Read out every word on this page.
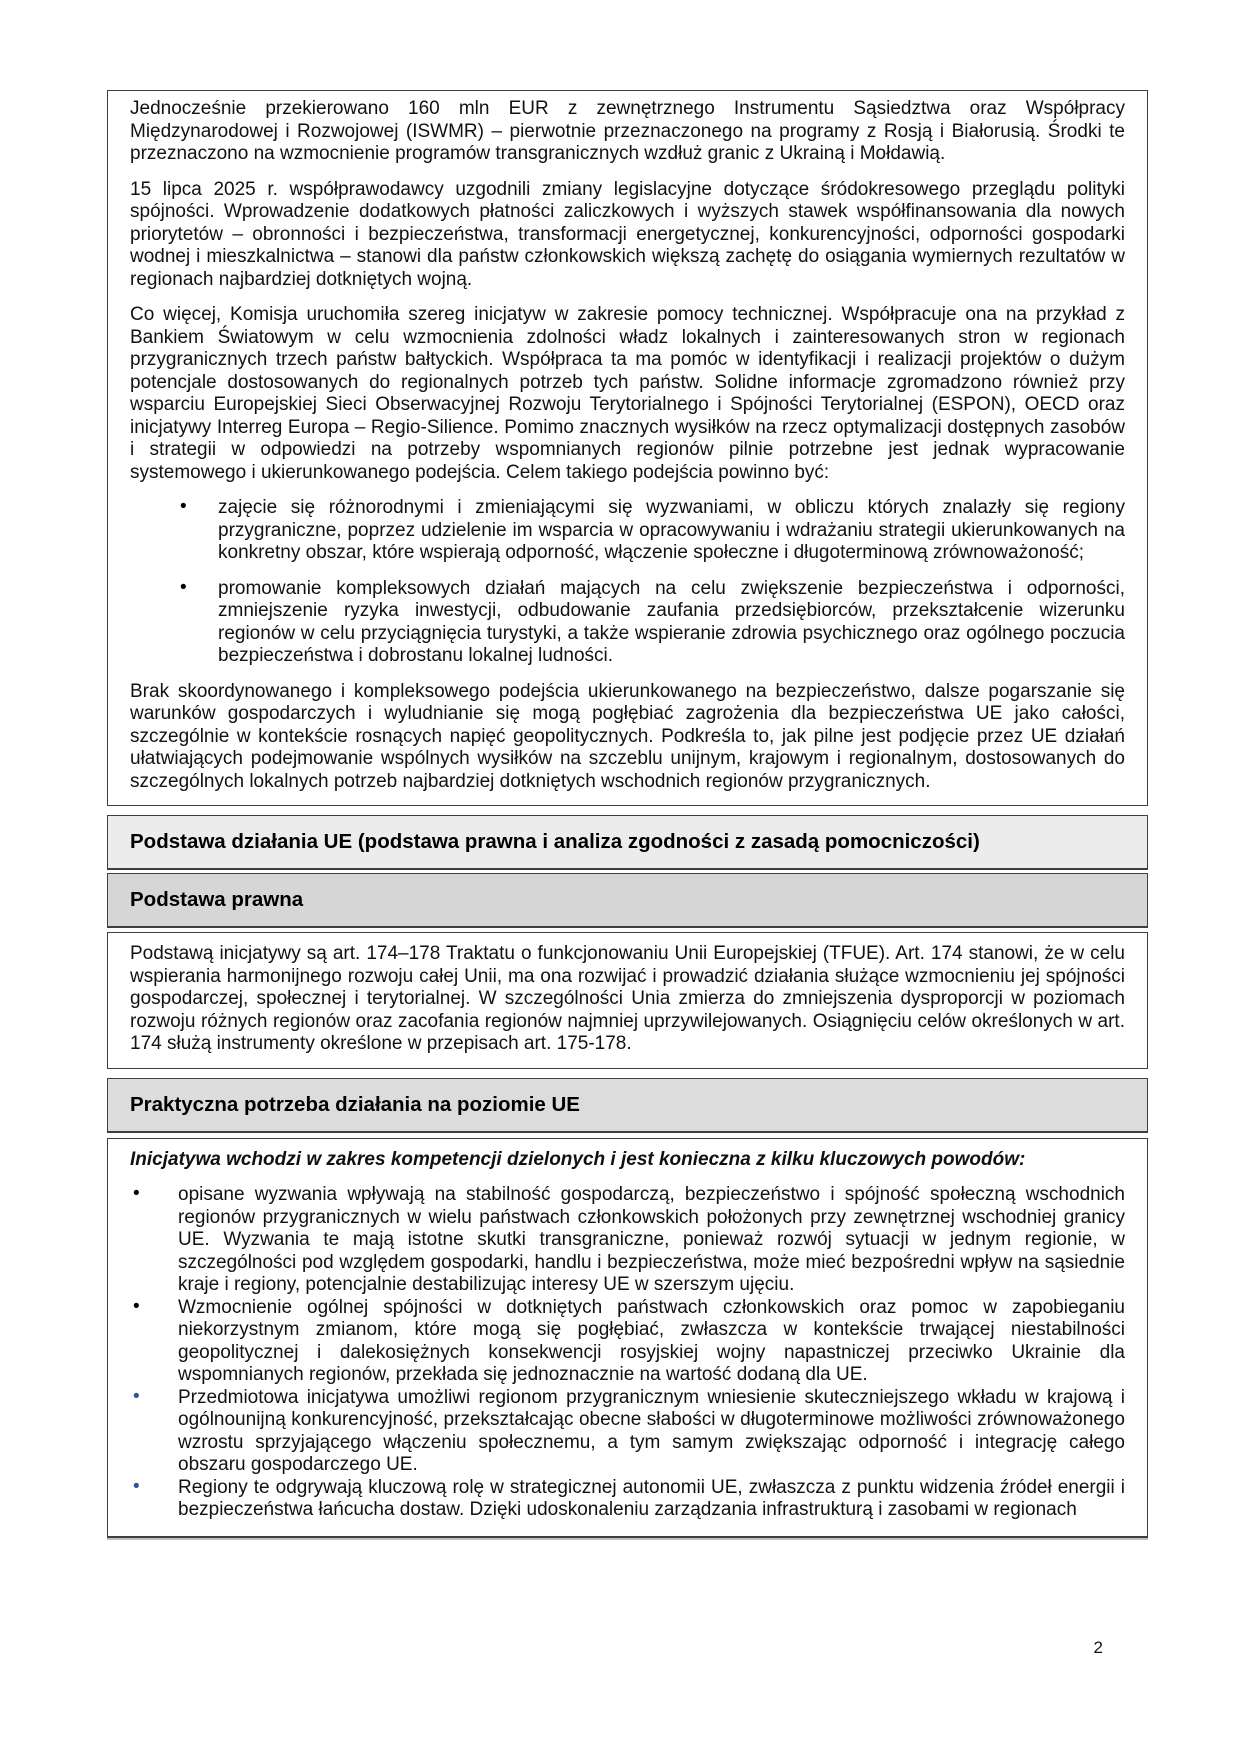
Jednocześnie przekierowano 160 mln EUR z zewnętrznego Instrumentu Sąsiedztwa oraz Współpracy Międzynarodowej i Rozwojowej (ISWMR) – pierwotnie przeznaczonego na programy z Rosją i Białorusią. Środki te przeznaczono na wzmocnienie programów transgranicznych wzdłuż granic z Ukrainą i Mołdawią.

15 lipca 2025 r. współprawodawcy uzgodnili zmiany legislacyjne dotyczące śródokresowego przeglądu polityki spójności. Wprowadzenie dodatkowych płatności zaliczkowych i wyższych stawek współfinansowania dla nowych priorytetów – obronności i bezpieczeństwa, transformacji energetycznej, konkurencyjności, odporności gospodarki wodnej i mieszkalnictwa – stanowi dla państw członkowskich większą zachętę do osiągania wymiernych rezultatów w regionach najbardziej dotkniętych wojną.

Co więcej, Komisja uruchomiła szereg inicjatyw w zakresie pomocy technicznej. Współpracuje ona na przykład z Bankiem Światowym w celu wzmocnienia zdolności władz lokalnych i zainteresowanych stron w regionach przygranicznych trzech państw bałtyckich. Współpraca ta ma pomóc w identyfikacji i realizacji projektów o dużym potencjale dostosowanych do regionalnych potrzeb tych państw. Solidne informacje zgromadzono również przy wsparciu Europejskiej Sieci Obserwacyjnej Rozwoju Terytorialnego i Spójności Terytorialnej (ESPON), OECD oraz inicjatywy Interreg Europa – Regio-Silience. Pomimo znacznych wysiłków na rzecz optymalizacji dostępnych zasobów i strategii w odpowiedzi na potrzeby wspomnianych regionów pilnie potrzebne jest jednak wypracowanie systemowego i ukierunkowanego podejścia. Celem takiego podejścia powinno być:

• zajęcie się różnorodnymi i zmieniającymi się wyzwaniami, w obliczu których znalazły się regiony przygraniczne, poprzez udzielenie im wsparcia w opracowywaniu i wdrażaniu strategii ukierunkowanych na konkretny obszar, które wspierają odporność, włączenie społeczne i długoterminową zrównoważoność;

• promowanie kompleksowych działań mających na celu zwiększenie bezpieczeństwa i odporności, zmniejszenie ryzyka inwestycji, odbudowanie zaufania przedsiębiorców, przekształcenie wizerunku regionów w celu przyciągnięcia turystyki, a także wspieranie zdrowia psychicznego oraz ogólnego poczucia bezpieczeństwa i dobrostanu lokalnej ludności.

Brak skoordynowanego i kompleksowego podejścia ukierunkowanego na bezpieczeństwo, dalsze pogarszanie się warunków gospodarczych i wyludnianie się mogą pogłębiać zagrożenia dla bezpieczeństwa UE jako całości, szczególnie w kontekście rosnących napięć geopolitycznych. Podkreśla to, jak pilne jest podjęcie przez UE działań ułatwiających podejmowanie wspólnych wysiłków na szczeblu unijnym, krajowym i regionalnym, dostosowanych do szczególnych lokalnych potrzeb najbardziej dotkniętych wschodnich regionów przygranicznych.

Podstawa działania UE (podstawa prawna i analiza zgodności z zasadą pomocniczości)
Podstawa prawna

Podstawą inicjatywy są art. 174–178 Traktatu o funkcjonowaniu Unii Europejskiej (TFUE). Art. 174 stanowi, że w celu wspierania harmonijnego rozwoju całej Unii, ma ona rozwijać i prowadzić działania służące wzmocnieniu jej spójności gospodarczej, społecznej i terytorialnej. W szczególności Unia zmierza do zmniejszenia dysproporcji w poziomach rozwoju różnych regionów oraz zacofania regionów najmniej uprzywilejowanych. Osiągnięciu celów określonych w art. 174 służą instrumenty określone w przepisach art. 175-178.

Praktyczna potrzeba działania na poziomie UE

Inicjatywa wchodzi w zakres kompetencji dzielonych i jest konieczna z kilku kluczowych powodów:

• opisane wyzwania wpływają na stabilność gospodarczą, bezpieczeństwo i spójność społeczną wschodnich regionów przygranicznych w wielu państwach członkowskich położonych przy zewnętrznej wschodniej granicy UE. Wyzwania te mają istotne skutki transgraniczne, ponieważ rozwój sytuacji w jednym regionie, w szczególności pod względem gospodarki, handlu i bezpieczeństwa, może mieć bezpośredni wpływ na sąsiednie kraje i regiony, potencjalnie destabilizując interesy UE w szerszym ujęciu.

• Wzmocnienie ogólnej spójności w dotkniętych państwach członkowskich oraz pomoc w zapobieganiu niekorzystnym zmianom, które mogą się pogłębiać, zwłaszcza w kontekście trwającej niestabilności geopolitycznej i dalekosiężnych konsekwencji rosyjskiej wojny napastniczej przeciwko Ukrainie dla wspomnianych regionów, przekłada się jednoznacznie na wartość dodaną dla UE.

• Przedmiotowa inicjatywa umożliwi regionom przygranicznym wniesienie skuteczniejszego wkładu w krajową i ogólnounijną konkurencyjność, przekształcając obecne słabości w długoterminowe możliwości zrównoważonego wzrostu sprzyjającego włączeniu społecznemu, a tym samym zwiększając odporność i integrację całego obszaru gospodarczego UE.

• Regiony te odgrywają kluczową rolę w strategicznej autonomii UE, zwłaszcza z punktu widzenia źródeł energii i bezpieczeństwa łańcucha dostaw. Dzięki udoskonaleniu zarządzania infrastrukturą i zasobami w regionach

2
